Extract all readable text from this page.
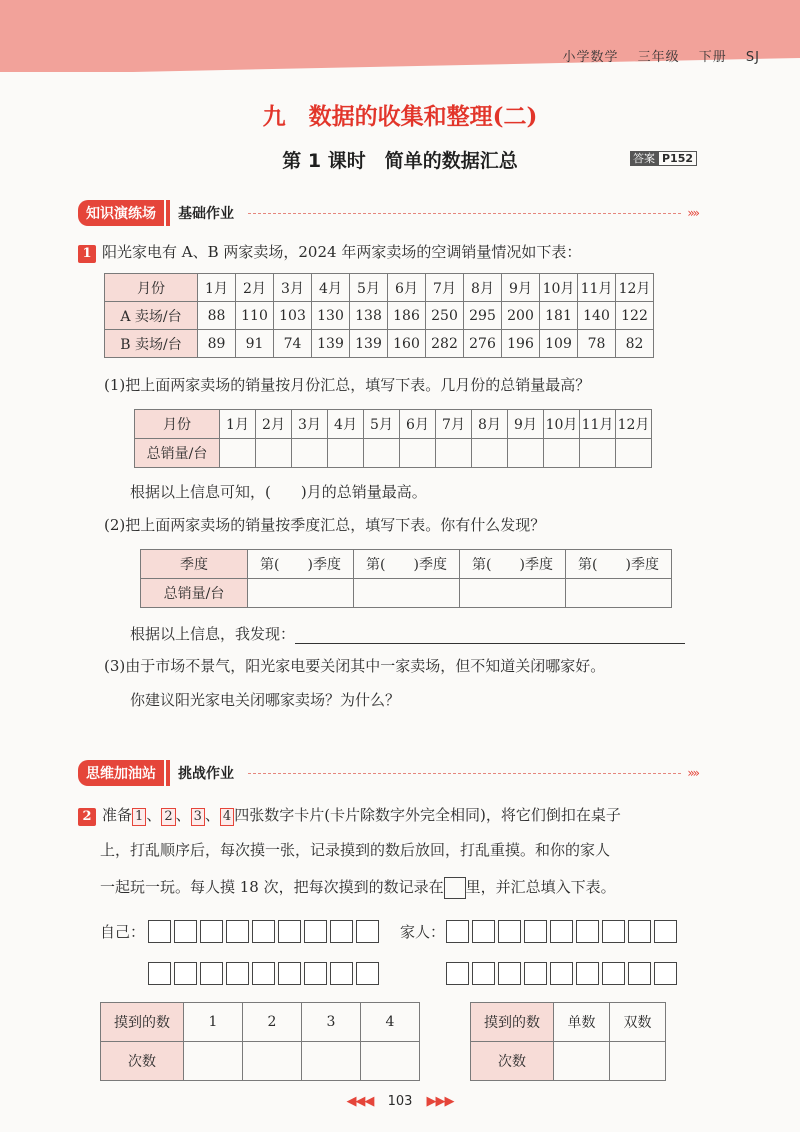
小学数学 三年级 下册 SJ
九　数据的收集和整理(二)
第 1 课时　简单的数据汇总	答案 P152
知识演练场	基础作业	»»
1 阳光家电有 A、B 两家卖场，2024 年两家卖场的空调销量情况如下表：
月份	1月	2月	3月	4月	5月	6月	7月	8月	9月	10月	11月	12月
A 卖场/台	88	110	103	130	138	186	250	295	200	181	140	122
B 卖场/台	89	91	74	139	139	160	282	276	196	109	78	82
(1)把上面两家卖场的销量按月份汇总，填写下表。几月份的总销量最高？
月份	1月	2月	3月	4月	5月	6月	7月	8月	9月	10月	11月	12月
总销量/台												
根据以上信息可知，(　　)月的总销量最高。
(2)把上面两家卖场的销量按季度汇总，填写下表。你有什么发现？
季度	第(　　)季度	第(　　)季度	第(　　)季度	第(　　)季度
总销量/台				
根据以上信息，我发现：
(3)由于市场不景气，阳光家电要关闭其中一家卖场，但不知道关闭哪家好。
你建议阳光家电关闭哪家卖场？为什么？
思维加油站	挑战作业	»»
2 准备 1 、 2 、 3 、 4 四张数字卡片(卡片除数字外完全相同)，将它们倒扣在桌子
上，打乱顺序后，每次摸一张，记录摸到的数后放回，打乱重摸。和你的家人
一起玩一玩。每人摸 18 次，把每次摸到的数记录在 里，并汇总填入下表。
自己：	家人：
摸到的数	1	2	3	4
次数				
摸到的数	单数	双数
次数		
◀◀◀ 103 ▶▶▶
